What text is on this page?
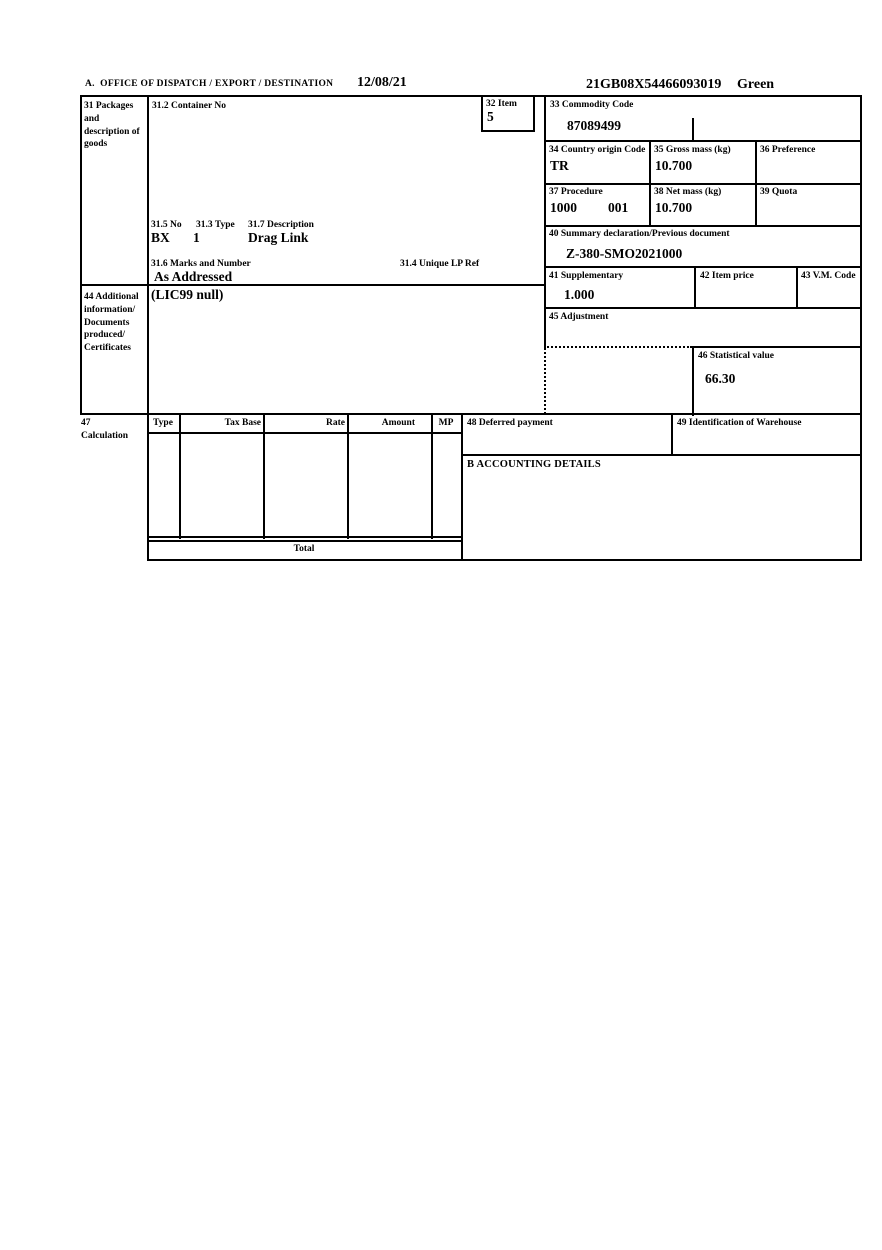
A.  OFFICE OF DISPATCH / EXPORT / DESTINATION 12/08/21	21GB08X54466093019 Green
31 Packages and description of goods
31.2 Container No	32 Item
5
33 Commodity Code
87089499
34 Country origin Code
TR
35 Gross mass (kg)
10.700
36 Preference
37 Procedure
1000 001
38 Net mass (kg)
10.700
39 Quota
31.5 No 31.3 Type 31.7 Description
BX 1	Drag Link
31.6 Marks and Number	31.4 Unique LP Ref
As Addressed
40 Summary declaration/Previous document
Z-380-SMO2021000
41 Supplementary
1.000
42 Item price	43 V.M. Code
44 Additional information/ Documents produced/ Certificates
(LIC99 null)
45 Adjustment
46 Statistical value
66.30
47 Calculation
Type	Tax Base	Rate	Amount	MP	48 Deferred payment	49 Identification of Warehouse
B ACCOUNTING DETAILS
Total
